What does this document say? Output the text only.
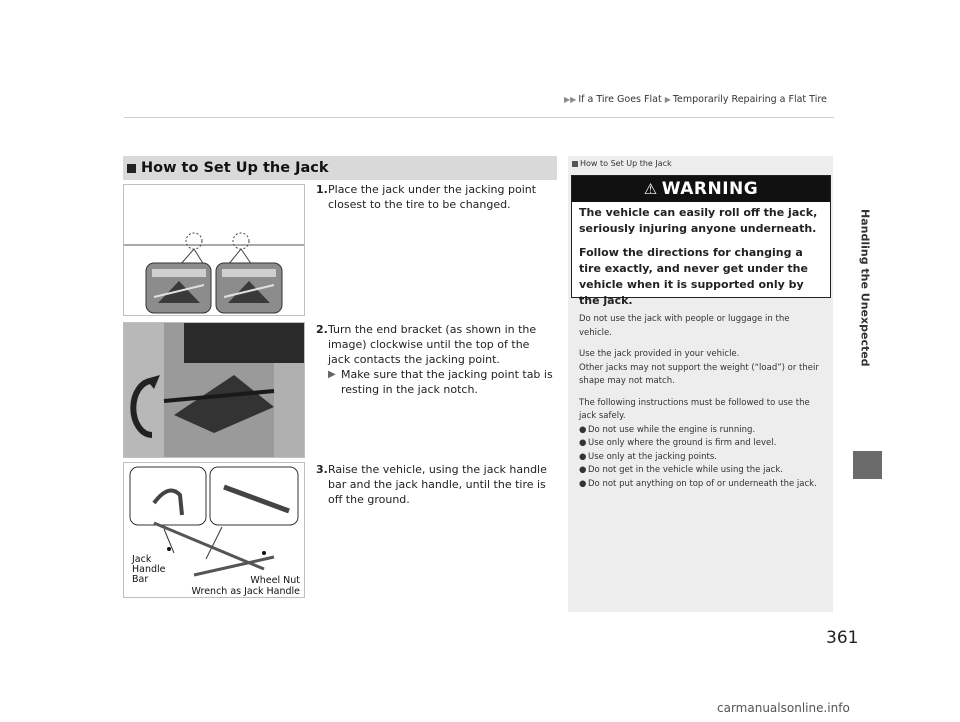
▶▶ If a Tire Goes Flat ▶ Temporarily Repairing a Flat Tire
Handling the Unexpected
How to Set Up the Jack
Jack
Handle
Bar	Wheel Nut
Wrench as Jack Handle
1. Place the jack under the jacking point closest to the tire to be changed.
2. Turn the end bracket (as shown in the image) clockwise until the top of the jack contacts the jacking point.
▶ Make sure that the jacking point tab is resting in the jack notch.
3. Raise the vehicle, using the jack handle bar and the jack handle, until the tire is off the ground.
How to Set Up the Jack
⚠ WARNING

The vehicle can easily roll off the jack, seriously injuring anyone underneath.

Follow the directions for changing a tire exactly, and never get under the vehicle when it is supported only by the jack.

Do not use the jack with people or luggage in the vehicle.

Use the jack provided in your vehicle.
Other jacks may not support the weight (“load”) or their shape may not match.

The following instructions must be followed to use the jack safely.

● Do not use while the engine is running.
● Use only where the ground is firm and level.
● Use only at the jacking points.
● Do not get in the vehicle while using the jack.
● Do not put anything on top of or underneath the jack.
361
carmanualsonline.info
